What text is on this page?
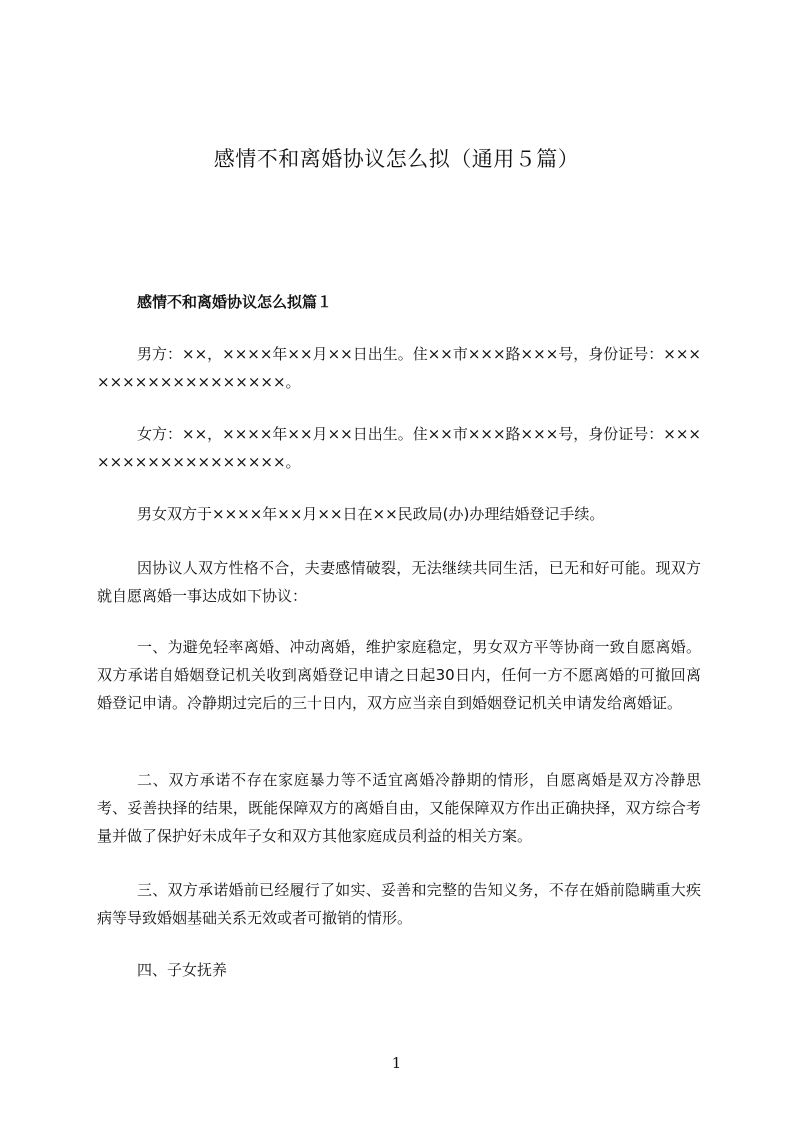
感情不和离婚协议怎么拟（通用５篇）
感情不和离婚协议怎么拟篇１

男方：××，××××年××月××日出生。住××市×××路×××号，身份证号：××××××××××××××××××。

女方：××，××××年××月××日出生。住××市×××路×××号，身份证号：××××××××××××××××××。

男女双方于××××年××月××日在××民政局(办)办理结婚登记手续。

因协议人双方性格不合，夫妻感情破裂，无法继续共同生活，已无和好可能。现双方就自愿离婚一事达成如下协议：

一、为避免轻率离婚、冲动离婚，维护家庭稳定，男女双方平等协商一致自愿离婚。双方承诺自婚姻登记机关收到离婚登记申请之日起30日内，任何一方不愿离婚的可撤回离婚登记申请。冷静期过完后的三十日内，双方应当亲自到婚姻登记机关申请发给离婚证。

二、双方承诺不存在家庭暴力等不适宜离婚冷静期的情形，自愿离婚是双方冷静思考、妥善抉择的结果，既能保障双方的离婚自由，又能保障双方作出正确抉择，双方综合考量并做了保护好未成年子女和双方其他家庭成员利益的相关方案。

三、双方承诺婚前已经履行了如实、妥善和完整的告知义务，不存在婚前隐瞒重大疾病等导致婚姻基础关系无效或者可撤销的情形。

四、子女抚养

1
